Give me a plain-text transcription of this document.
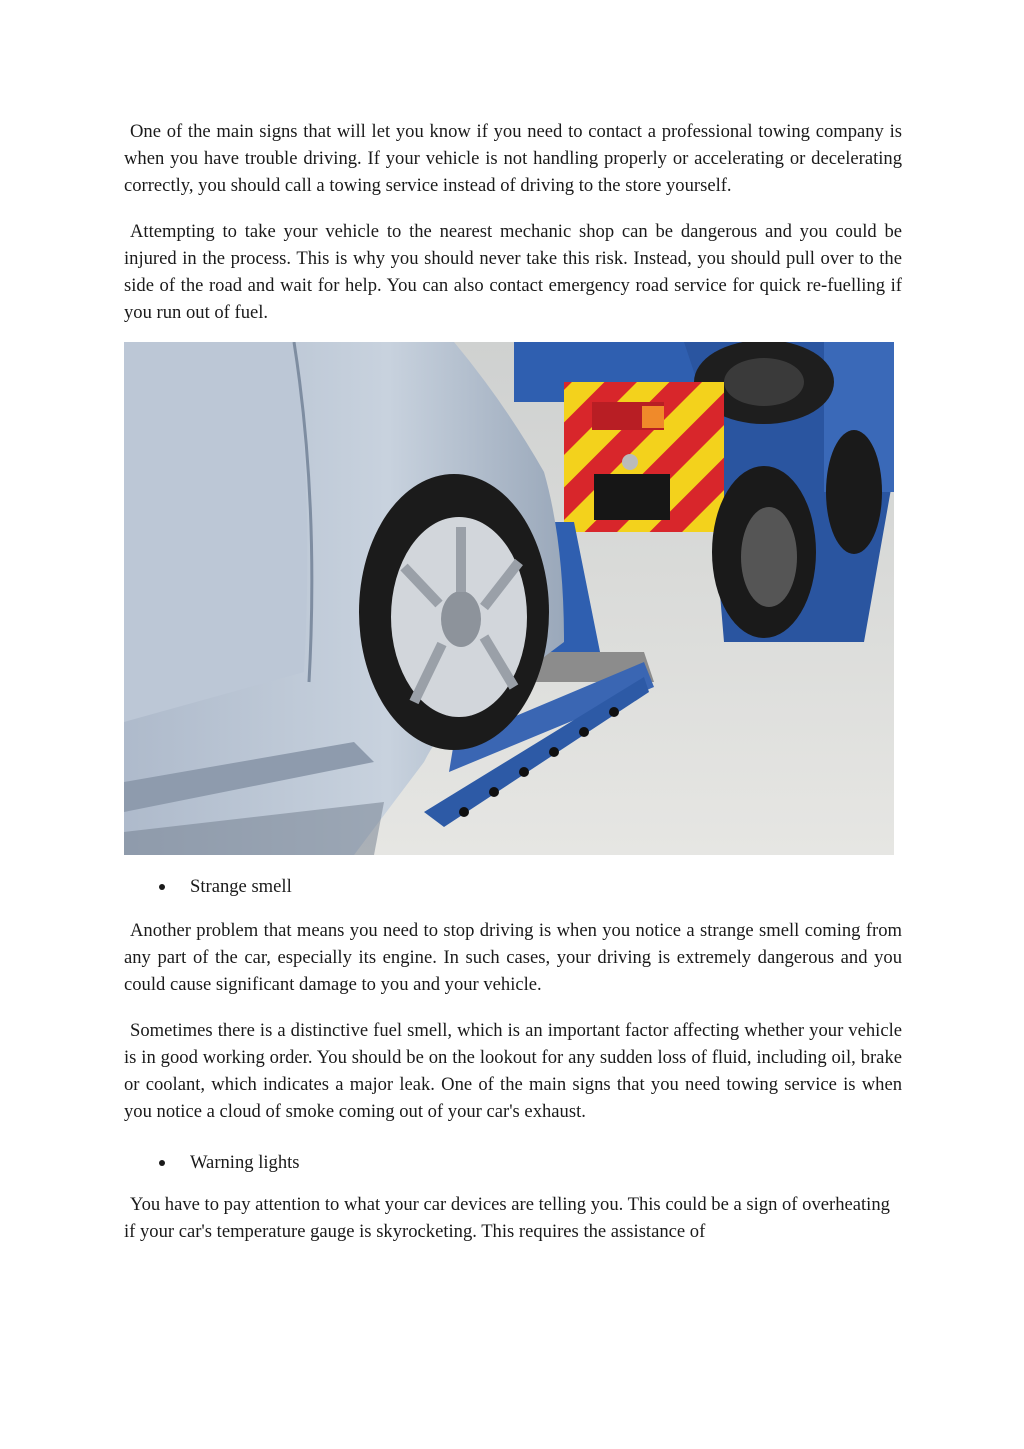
One of the main signs that will let you know if you need to contact a professional towing company is when you have trouble driving. If your vehicle is not handling properly or accelerating or decelerating correctly, you should call a towing service instead of driving to the store yourself.

Attempting to take your vehicle to the nearest mechanic shop can be dangerous and you could be injured in the process. This is why you should never take this risk. Instead, you should pull over to the side of the road and wait for help. You can also contact emergency road service for quick re-fuelling if you run out of fuel.

Strange smell

Another problem that means you need to stop driving is when you notice a strange smell coming from any part of the car, especially its engine. In such cases, your driving is extremely dangerous and you could cause significant damage to you and your vehicle.

Sometimes there is a distinctive fuel smell, which is an important factor affecting whether your vehicle is in good working order. You should be on the lookout for any sudden loss of fluid, including oil, brake or coolant, which indicates a major leak. One of the main signs that you need towing service is when you notice a cloud of smoke coming out of your car's exhaust.

Warning lights

You have to pay attention to what your car devices are telling you. This could be a sign of overheating if your car's temperature gauge is skyrocketing. This requires the assistance of
